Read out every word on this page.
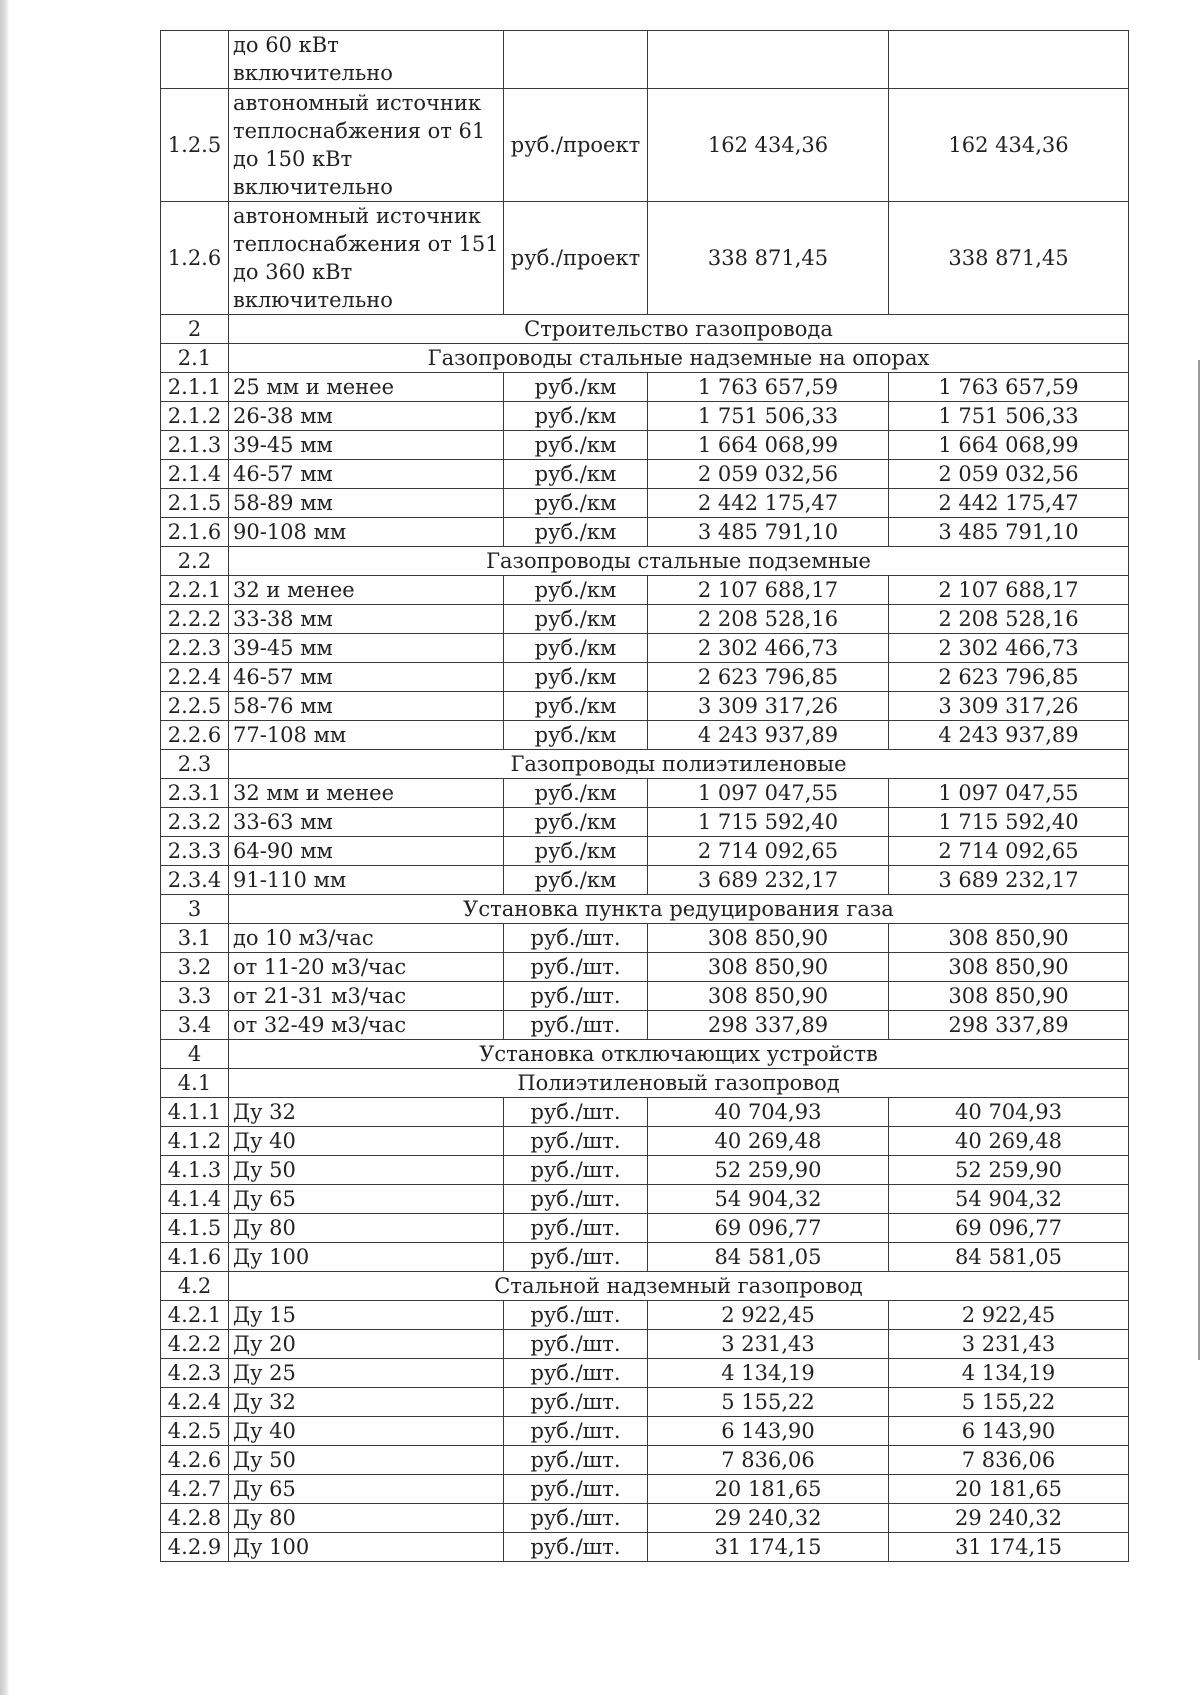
	до 60 кВт включительно			
1.2.5	автономный источник теплоснабжения от 61 до 150 кВт включительно	руб./проект	162 434,36	162 434,36
1.2.6	автономный источник теплоснабжения от 151 до 360 кВт включительно	руб./проект	338 871,45	338 871,45
2	Строительство газопровода			
2.1	Газопроводы стальные надземные на опорах			
2.1.1	25 мм и менее	руб./км	1 763 657,59	1 763 657,59
2.1.2	26-38 мм	руб./км	1 751 506,33	1 751 506,33
2.1.3	39-45 мм	руб./км	1 664 068,99	1 664 068,99
2.1.4	46-57 мм	руб./км	2 059 032,56	2 059 032,56
2.1.5	58-89 мм	руб./км	2 442 175,47	2 442 175,47
2.1.6	90-108 мм	руб./км	3 485 791,10	3 485 791,10
2.2	Газопроводы стальные подземные			
2.2.1	32 и менее	руб./км	2 107 688,17	2 107 688,17
2.2.2	33-38 мм	руб./км	2 208 528,16	2 208 528,16
2.2.3	39-45 мм	руб./км	2 302 466,73	2 302 466,73
2.2.4	46-57 мм	руб./км	2 623 796,85	2 623 796,85
2.2.5	58-76 мм	руб./км	3 309 317,26	3 309 317,26
2.2.6	77-108 мм	руб./км	4 243 937,89	4 243 937,89
2.3	Газопроводы полиэтиленовые			
2.3.1	32 мм и менее	руб./км	1 097 047,55	1 097 047,55
2.3.2	33-63 мм	руб./км	1 715 592,40	1 715 592,40
2.3.3	64-90 мм	руб./км	2 714 092,65	2 714 092,65
2.3.4	91-110 мм	руб./км	3 689 232,17	3 689 232,17
3	Установка пункта редуцирования газа			
3.1	до 10 м3/час	руб./шт.	308 850,90	308 850,90
3.2	от 11-20 м3/час	руб./шт.	308 850,90	308 850,90
3.3	от 21-31 м3/час	руб./шт.	308 850,90	308 850,90
3.4	от 32-49 м3/час	руб./шт.	298 337,89	298 337,89
4	Установка отключающих устройств			
4.1	Полиэтиленовый газопровод			
4.1.1	Ду 32	руб./шт.	40 704,93	40 704,93
4.1.2	Ду 40	руб./шт.	40 269,48	40 269,48
4.1.3	Ду 50	руб./шт.	52 259,90	52 259,90
4.1.4	Ду 65	руб./шт.	54 904,32	54 904,32
4.1.5	Ду 80	руб./шт.	69 096,77	69 096,77
4.1.6	Ду 100	руб./шт.	84 581,05	84 581,05
4.2	Стальной надземный газопровод			
4.2.1	Ду 15	руб./шт.	2 922,45	2 922,45
4.2.2	Ду 20	руб./шт.	3 231,43	3 231,43
4.2.3	Ду 25	руб./шт.	4 134,19	4 134,19
4.2.4	Ду 32	руб./шт.	5 155,22	5 155,22
4.2.5	Ду 40	руб./шт.	6 143,90	6 143,90
4.2.6	Ду 50	руб./шт.	7 836,06	7 836,06
4.2.7	Ду 65	руб./шт.	20 181,65	20 181,65
4.2.8	Ду 80	руб./шт.	29 240,32	29 240,32
4.2.9	Ду 100	руб./шт.	31 174,15	31 174,15
